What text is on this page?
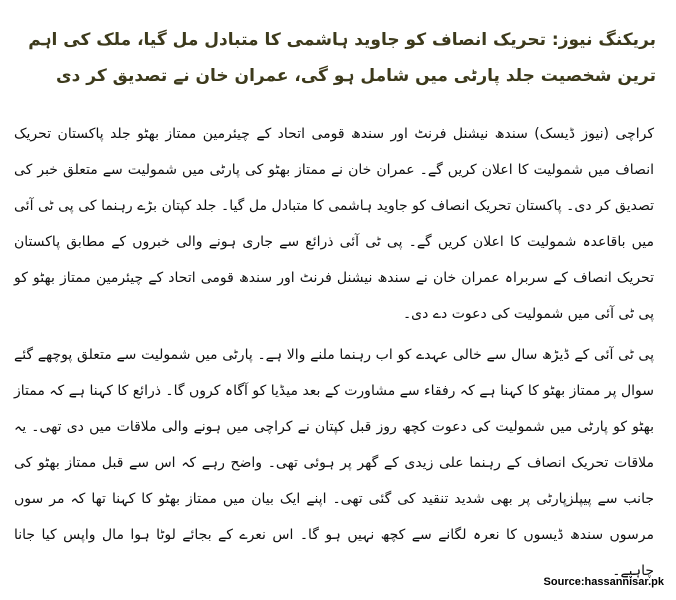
بریکنگ نیوز: تحریک انصاف کو جاوید ہاشمی کا متبادل مل گیا، ملک کی اہم ترین شخصیت جلد پارٹی میں شامل ہو گی، عمران خان نے تصدیق کر دی

کراچی (نیوز ڈیسک) سندھ نیشنل فرنٹ اور سندھ قومی اتحاد کے چیئرمین ممتاز بھٹو جلد پاکستان تحریک انصاف میں شمولیت کا اعلان کریں گے۔ عمران خان نے ممتاز بھٹو کی پارٹی میں شمولیت سے متعلق خبر کی تصدیق کر دی۔ پاکستان تحریک انصاف کو جاوید ہاشمی کا متبادل مل گیا۔ جلد کپتان بڑے رہنما کی پی ٹی آئی میں باقاعدہ شمولیت کا اعلان کریں گے۔ پی ٹی آئی ذرائع سے جاری ہونے والی خبروں کے مطابق پاکستان تحریک انصاف کے سربراہ عمران خان نے سندھ نیشنل فرنٹ اور سندھ قومی اتحاد کے چیئرمین ممتاز بھٹو کو پی ٹی آئی میں شمولیت کی دعوت دے دی۔

پی ٹی آئی کے ڈیڑھ سال سے خالی عہدے کو اب رہنما ملنے والا ہے۔ پارٹی میں شمولیت سے متعلق پوچھے گئے سوال پر ممتاز بھٹو کا کہنا ہے کہ رفقاء سے مشاورت کے بعد میڈیا کو آگاہ کروں گا۔ ذرائع کا کہنا ہے کہ ممتاز بھٹو کو پارٹی میں شمولیت کی دعوت کچھ روز قبل کپتان نے کراچی میں ہونے والی ملاقات میں دی تھی۔ یہ ملاقات تحریک انصاف کے رہنما علی زیدی کے گھر پر ہوئی تھی۔ واضح رہے کہ اس سے قبل ممتاز بھٹو کی جانب سے پیپلزپارٹی پر بھی شدید تنقید کی گئی تھی۔ اپنے ایک بیان میں ممتاز بھٹو کا کہنا تھا کہ مر سوں مرسوں سندھ ڈیسوں کا نعرہ لگانے سے کچھ نہیں ہو گا۔ اس نعرے کے بجائے لوٹا ہوا مال واپس کیا جانا چاہیے۔

Source:hassannisar.pk
